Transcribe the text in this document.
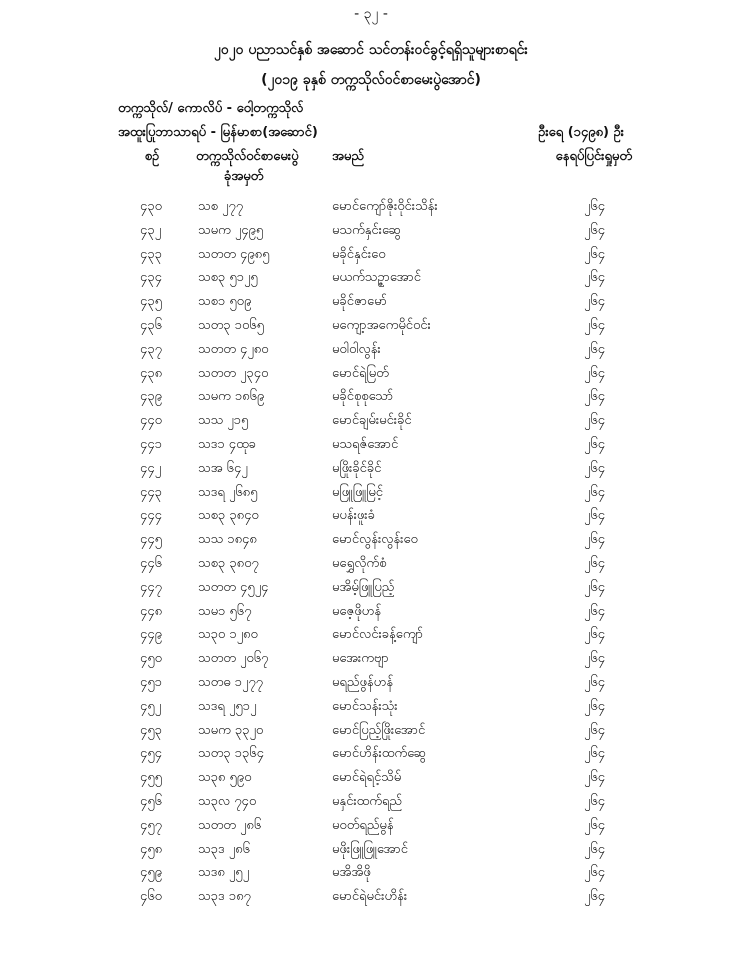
- ၃၂ -
၂၀၂၀ ပညာသင်နှစ် အဆောင် သင်တန်းဝင်ခွင့်ရရှိသူများစာရင်း
(၂၀၁၉ ခုနှစ် တက္ကသိုလ်ဝင်စာမေးပွဲအောင်)
တက္ကသိုလ်/ ကောလိပ် - ဝေါ့တက္ကသိုလ်
အထူးပြုဘာသာရပ် - မြန်မာစာ(အဆောင်)	ဦးရေ (၁၄၉၈) ဦး
စဉ်	တက္ကသိုလ်ဝင်စာမေးပွဲ
ခုံအမှတ်
အမည်	နေရပ်ပြင်းရှုမှတ်
၄၃၀	သစ ၂၇၇	မောင်ကျော်ဇိုးဝိုင်းသိန်း	၂၆၄
၄၃၂	သမက ၂၄၉၅	မသက်နှင်းဆွေ	၂၆၄
၄၃၃	သတတ ၄၉၈၅	မခိုင်နှင်းဝေ	၂၆၄
၄၃၄	သစ၃ ၅၁၂၅	မယက်သဉ္ဇာအောင်	၂၆၄
၄၃၅	သစ၁ ၅၀၉	မခိုင်ဇာမော်	၂၆၄
၄၃၆	သတ၃ ၁၀၆၅	မကျော့အကေမိုင်ဝင်း	၂၆၄
၄၃၇	သတတ ၄၂၈၀	မဝါဝါလွန်း	၂၆၄
၄၃၈	သတတ ၂၃၄၀	မောင်ရဲမြတ်	၂၆၄
၄၃၉	သမက ၁၈၆၉	မခိုင်စုစုသော်	၂၆၄
၄၄၀	သသ ၂၁၅	မောင်ချမ်းမင်းခိုင်	၂၆၄
၄၄၁	သဒ၁ ၄ထုခ	မသရဇ်အောင်	၂၆၄
၄၄၂	သအ ၆၄၂	မဖြိုးခိုင်ခိုင်	၂၆၄
၄၄၃	သဒရ ၂၆၈၅	မဖြူဖြူမြင့်	၂၆၄
၄၄၄	သစ၃ ၃၈၄၀	မပန်းဖူးခံ	၂၆၄
၄၄၅	သသ ၁၈၄၈	မောင်လွန်းလွန်းဝေ	၂၆၄
၄၄၆	သစ၃ ၃၈၀၇	မရွှေလိုက်စံ	၂၆၄
၄၄၇	သတတ ၄၅၂၄	မအိမ့်ဖြူပြည့်	၂၆၄
၄၄၈	သမ၁ ၅၆၇	မဇေ့ဖိုဟန်	၂၆၄
၄၄၉	သ၃၀ ၁၂၈၀	မောင်လင်းခန့်ကျော်	၂၆၄
၄၅၀	သတတ ၂၀၆၇	မအေးကဗျာ	၂၆၄
၄၅၁	သတဓ ၁၂၇၇	မရည်ဖွန်ဟန်	၂၆၄
၄၅၂	သဒရ ၂၅၁၂	မောင်သန်းသုံး	၂၆၄
၄၅၃	သမက ၃၃၂၀	မောင်ပြည့်ဖြိုးအောင်	၂၆၄
၄၅၄	သတ၃ ၁၃၆၄	မောင်ဟိန်းထက်ဆွေ	၂၆၄
၄၅၅	သ၃၈ ၅၉၀	မောင်ရဲရင့်သိမ်	၂၆၄
၄၅၆	သ၃လ ၇၄၀	မနှင်းထက်ရည်	၂၆၄
၄၅၇	သတတ ၂၈၆	မဝတ်ရည်မွန်	၂၆၄
၄၅၈	သ၃ဒ ၂၈၆	မဖိုးဖြူဖြူအောင်	၂၆၄
၄၅၉	သဒ၈ ၂၅၂	မအိအိဖို	၂၆၄
၄၆၀	သ၃ဒ ၁၈၇	မောင်ရဲမင်းဟိန်း	၂၆၄
